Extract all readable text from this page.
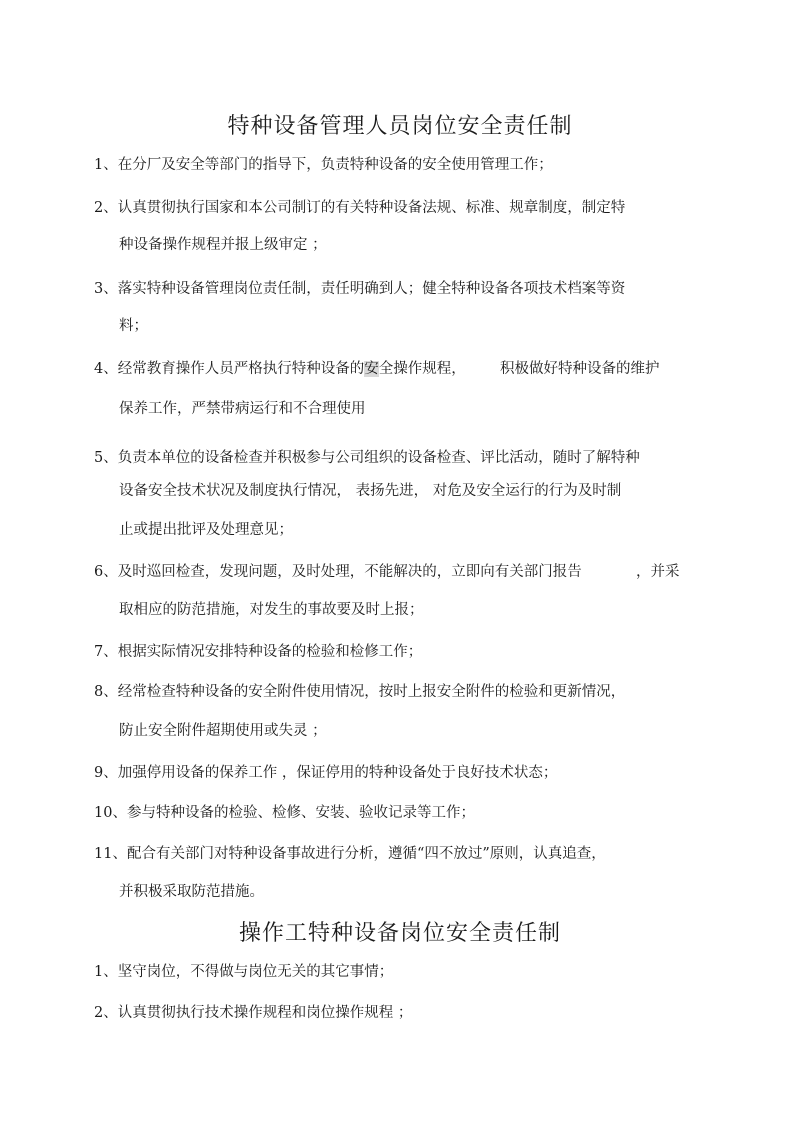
特种设备管理人员岗位安全责任制

1、在分厂及安全等部门的指导下，负责特种设备的安全使用管理工作；

2、认真贯彻执行国家和本公司制订的有关特种设备法规、标准、规章制度，制定特

种设备操作规程并报上级审定 ；

3、落实特种设备管理岗位责任制，责任明确到人；健全特种设备各项技术档案等资

料；

4、经常教育操作人员严格执行特种设备的安全操作规程， 积极做好特种设备的维护

保养工作，严禁带病运行和不合理使用

5、负责本单位的设备检查并积极参与公司组织的设备检查、评比活动，随时了解特种

设备安全技术状况及制度执行情况， 表扬先进， 对危及安全运行的行为及时制

止或提出批评及处理意见；

6、及时巡回检查，发现问题，及时处理，不能解决的，立即向有关部门报告	，并采

取相应的防范措施，对发生的事故要及时上报；

7、根据实际情况安排特种设备的检验和检修工作；

8、经常检查特种设备的安全附件使用情况，按时上报安全附件的检验和更新情况，

防止安全附件超期使用或失灵 ；

9、加强停用设备的保养工作 ，保证停用的特种设备处于良好技术状态；

10、参与特种设备的检验、检修、安装、验收记录等工作；

11、配合有关部门对特种设备事故进行分析，遵循“四不放过”原则，认真追查，

并积极采取防范措施。

操作工特种设备岗位安全责任制

1、坚守岗位，不得做与岗位无关的其它事情；

2、认真贯彻执行技术操作规程和岗位操作规程 ；
